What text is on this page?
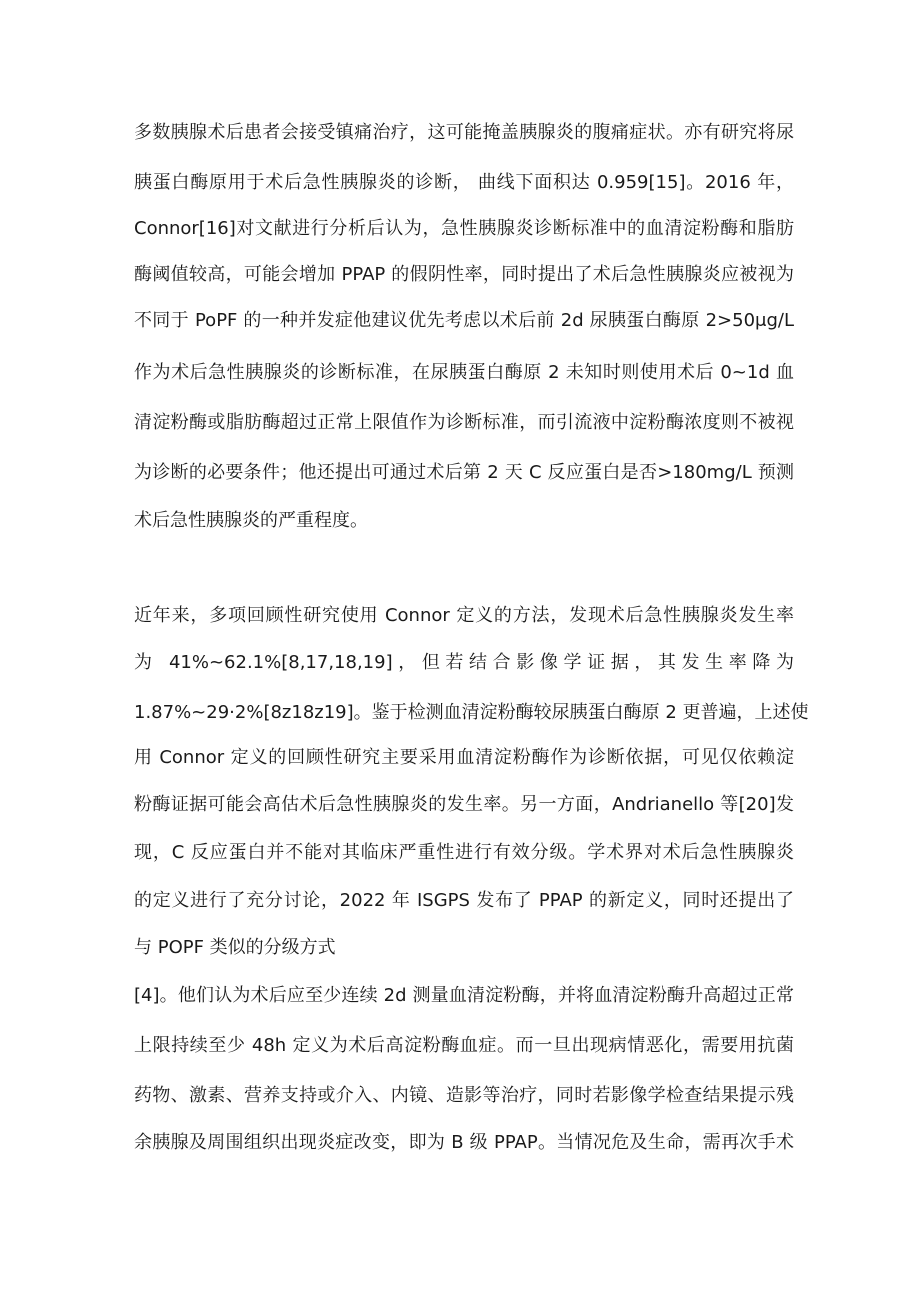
多数胰腺术后患者会接受镇痛治疗，这可能掩盖胰腺炎的腹痛症状。亦有研究将尿
胰蛋白酶原用于术后急性胰腺炎的诊断， 曲线下面积达 0.959[15]。2016 年，
Connor[16]对文献进行分析后认为，急性胰腺炎诊断标准中的血清淀粉酶和脂肪
酶阈值较高，可能会增加 PPAP 的假阴性率，同时提出了术后急性胰腺炎应被视为
不同于 PoPF 的一种并发症他建议优先考虑以术后前 2d 尿胰蛋白酶原 2>50μg∕L
作为术后急性胰腺炎的诊断标准，在尿胰蛋白酶原 2 未知时则使用术后 0~1d 血
清淀粉酶或脂肪酶超过正常上限值作为诊断标准，而引流液中淀粉酶浓度则不被视
为诊断的必要条件；他还提出可通过术后第 2 天 C 反应蛋白是否>180mg/L 预测
术后急性胰腺炎的严重程度。
近年来，多项回顾性研究使用 Connor 定义的方法，发现术后急性胰腺炎发生率
为 41%~62.1%[8,17,18,19]，但若结合影像学证据，其发生率降为
1.87%~29·2%[8z18z19]。鉴于检测血清淀粉酶较尿胰蛋白酶原 2 更普遍，上述使
用 Connor 定义的回顾性研究主要采用血清淀粉酶作为诊断依据，可见仅依赖淀
粉酶证据可能会高估术后急性胰腺炎的发生率。另一方面，Andrianello 等[20]发
现，C 反应蛋白并不能对其临床严重性进行有效分级。学术界对术后急性胰腺炎
的定义进行了充分讨论，2022 年 ISGPS 发布了 PPAP 的新定义，同时还提出了
与 POPF 类似的分级方式
[4]。他们认为术后应至少连续 2d 测量血清淀粉酶，并将血清淀粉酶升高超过正常
上限持续至少 48h 定义为术后高淀粉酶血症。而一旦出现病情恶化，需要用抗菌
药物、激素、营养支持或介入、内镜、造影等治疗，同时若影像学检查结果提示残
余胰腺及周围组织出现炎症改变，即为 B 级 PPAP。当情况危及生命，需再次手术
